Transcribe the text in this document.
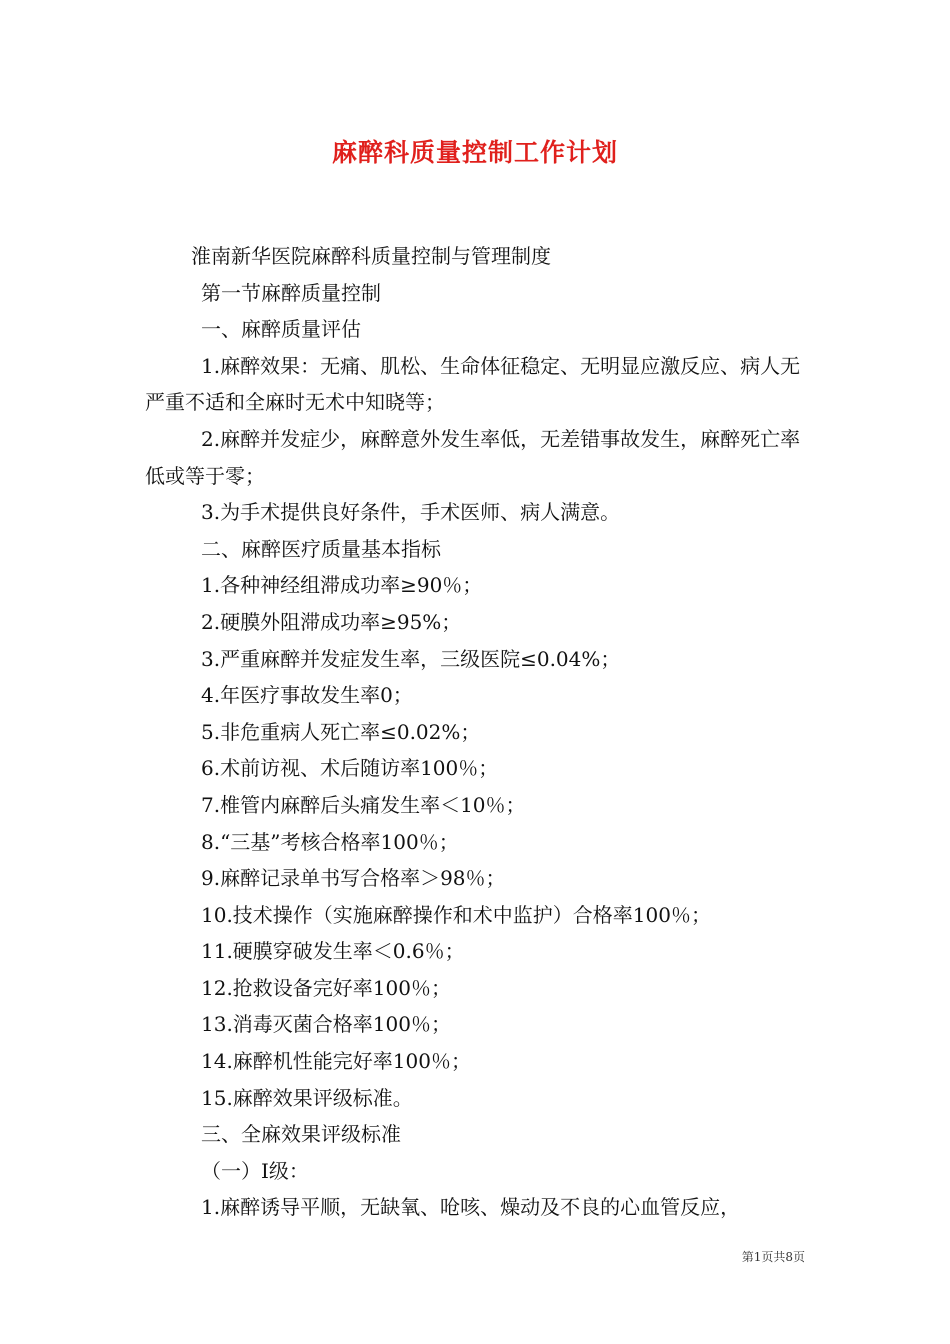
麻醉科质量控制工作计划

淮南新华医院麻醉科质量控制与管理制度

第一节麻醉质量控制

一、麻醉质量评估

1.麻醉效果：无痛、肌松、生命体征稳定、无明显应激反应、病人无严重不适和全麻时无术中知晓等；

2.麻醉并发症少，麻醉意外发生率低，无差错事故发生，麻醉死亡率低或等于零；

3.为手术提供良好条件，手术医师、病人满意。

二、麻醉医疗质量基本指标

1.各种神经组滞成功率≥90％；

2.硬膜外阻滞成功率≥95%；

3.严重麻醉并发症发生率，三级医院≤0.04%；

4.年医疗事故发生率0；

5.非危重病人死亡率≤0.02%；

6.术前访视、术后随访率100％；

7.椎管内麻醉后头痛发生率＜10％；

8.“三基”考核合格率100％；

9.麻醉记录单书写合格率＞98％；

10.技术操作（实施麻醉操作和术中监护）合格率100％；

11.硬膜穿破发生率＜0.6％；

12.抢救设备完好率100％；

13.消毒灭菌合格率100％；

14.麻醉机性能完好率100％；

15.麻醉效果评级标准。

三、全麻效果评级标准

（一）Ⅰ级：

1.麻醉诱导平顺，无缺氧、呛咳、燥动及不良的心血管反应，

第1页共8页
